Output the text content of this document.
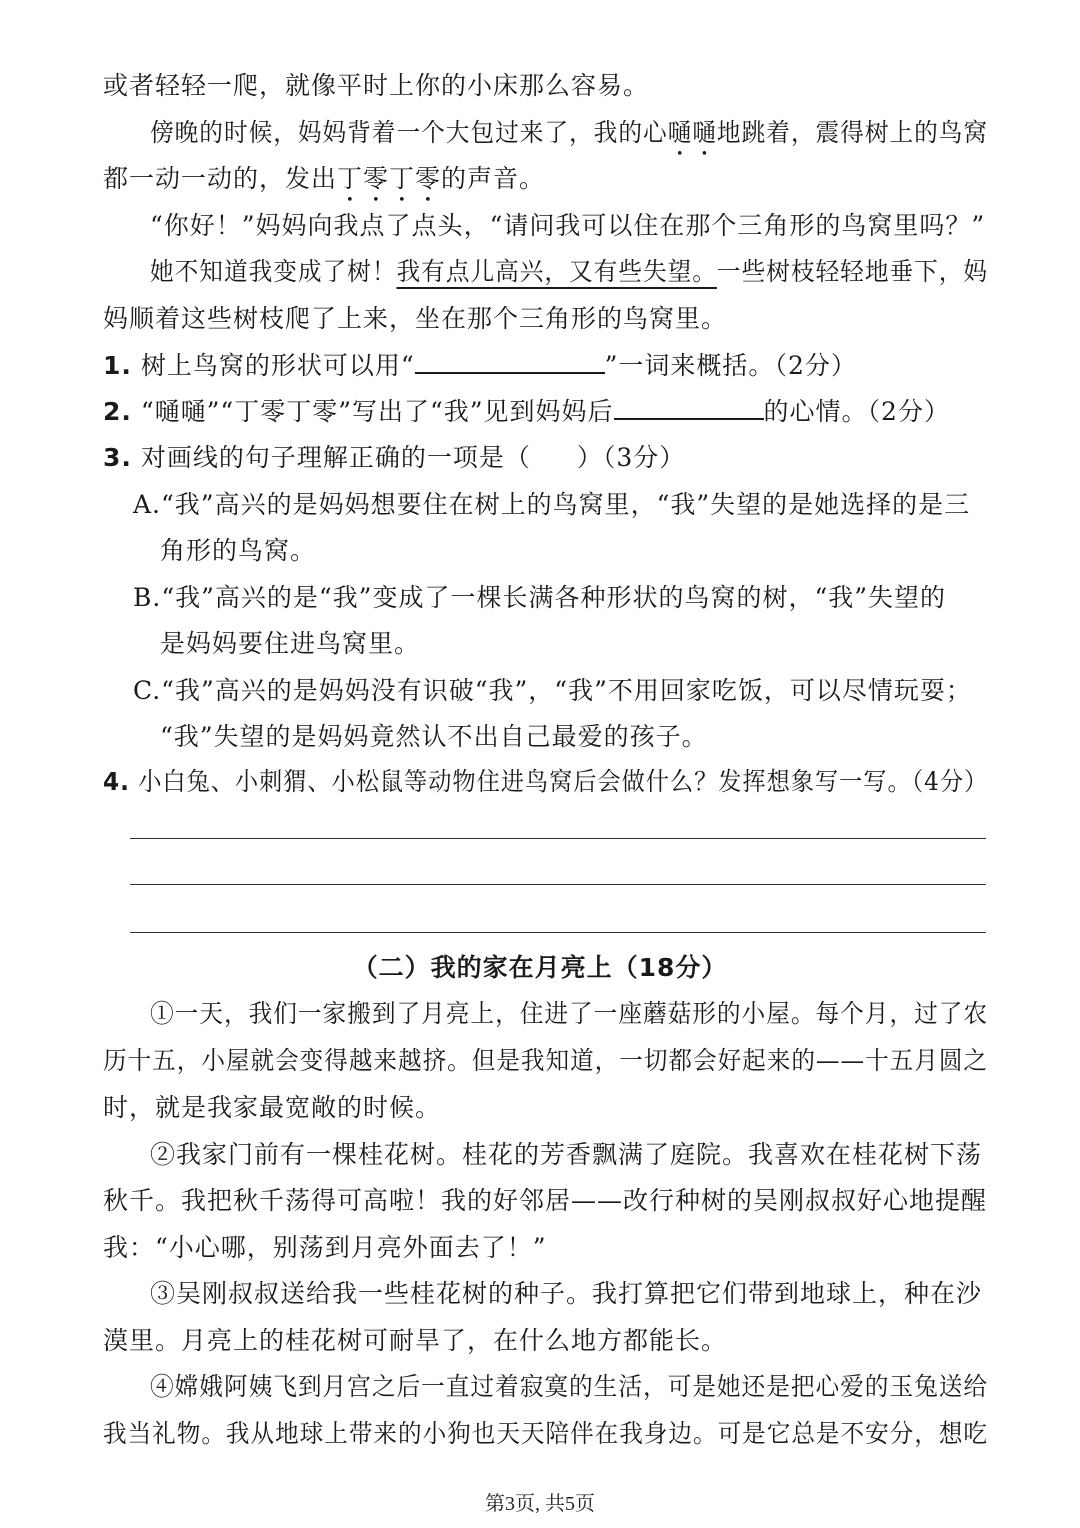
或者轻轻一爬，就像平时上你的小床那么容易。
傍晚的时候，妈妈背着一个大包过来了，我的心嗵嗵地跳着，震得树上的鸟窝
都一动一动的，发出丁零丁零的声音。
“你好！”妈妈向我点了点头，“请问我可以住在那个三角形的鸟窝里吗？”
她不知道我变成了树！我有点儿高兴，又有些失望。一些树枝轻轻地垂下，妈
妈顺着这些树枝爬了上来，坐在那个三角形的鸟窝里。
1. 树上鸟窝的形状可以用“	”一词来概括。（2分）
2. “嗵嗵”“丁零丁零”写出了“我”见到妈妈后	的心情。（2分）
3. 对画线的句子理解正确的一项是（ ）（3分）
A.“我”高兴的是妈妈想要住在树上的鸟窝里，“我”失望的是她选择的是三
角形的鸟窝。
B.“我”高兴的是“我”变成了一棵长满各种形状的鸟窝的树，“我”失望的
是妈妈要住进鸟窝里。
C.“我”高兴的是妈妈没有识破“我”，“我”不用回家吃饭，可以尽情玩耍；
“我”失望的是妈妈竟然认不出自己最爱的孩子。
4. 小白兔、小刺猬、小松鼠等动物住进鸟窝后会做什么？发挥想象写一写。（4分）
（二）我的家在月亮上（18分）
①一天，我们一家搬到了月亮上，住进了一座蘑菇形的小屋。每个月，过了农
历十五，小屋就会变得越来越挤。但是我知道，一切都会好起来的——十五月圆之
时，就是我家最宽敞的时候。
②我家门前有一棵桂花树。桂花的芳香飘满了庭院。我喜欢在桂花树下荡
秋千。我把秋千荡得可高啦！我的好邻居——改行种树的吴刚叔叔好心地提醒
我：“小心哪，别荡到月亮外面去了！”
③吴刚叔叔送给我一些桂花树的种子。我打算把它们带到地球上，种在沙
漠里。月亮上的桂花树可耐旱了，在什么地方都能长。
④嫦娥阿姨飞到月宫之后一直过着寂寞的生活，可是她还是把心爱的玉兔送给
我当礼物。我从地球上带来的小狗也天天陪伴在我身边。可是它总是不安分，想吃
第3页, 共5页
